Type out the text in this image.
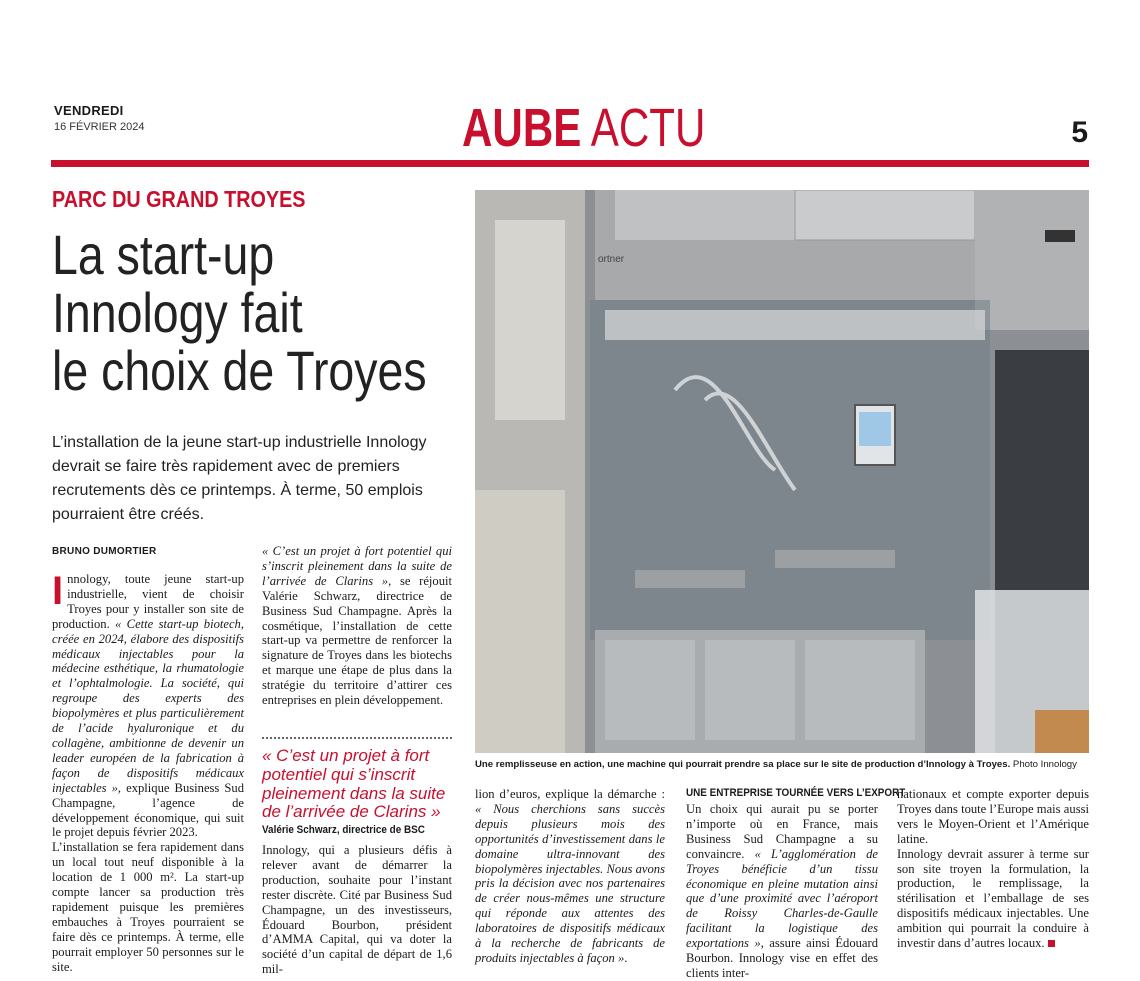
VENDREDI
16 FÉVRIER 2024	AUBE ACTU	5
PARC DU GRAND TROYES
La start-up
Innology fait
le choix de Troyes
L’installation de la jeune start-up industrielle Innology devrait se faire très rapidement avec de premiers recrutements dès ce printemps. À terme, 50 emplois pourraient être créés.
BRUNO DUMORTIER

Innology, toute jeune start-up industrielle, vient de choisir Troyes pour y installer son site de production. « Cette start-up biotech, créée en 2024, élabore des dispositifs médicaux injectables pour la médecine esthétique, la rhumatologie et l’ophtalmologie. La société, qui regroupe des experts des biopolymères et plus particulièrement de l’acide hyaluronique et du collagène, ambitionne de devenir un leader européen de la fabrication à façon de dispositifs médicaux injectables », explique Business Sud Champagne, l’agence de développement économique, qui suit le projet depuis février 2023.

L’installation se fera rapidement dans un local tout neuf disponible à la location de 1 000 m². La start-up compte lancer sa production très rapidement puisque les premières embauches à Troyes pourraient se faire dès ce printemps. À terme, elle pourrait employer 50 personnes sur le site.

« C’est un projet à fort potentiel qui s’inscrit pleinement dans la suite de l’arrivée de Clarins », se réjouit Valérie Schwarz, directrice de Business Sud Champagne. Après la cosmétique, l’installation de cette start-up va permettre de renforcer la signature de Troyes dans les biotechs et marque une étape de plus dans la stratégie du territoire d’attirer ces entreprises en plein développement.

« C’est un projet à fort potentiel qui s’inscrit pleinement dans la suite de l’arrivée de Clarins »
Valérie Schwarz, directrice de BSC

Innology, qui a plusieurs défis à relever avant de démarrer la production, souhaite pour l’instant rester discrète. Cité par Business Sud Champagne, un des investisseurs, Édouard Bourbon, président d’AMMA Capital, qui va doter la société d’un capital de départ de 1,6 mil-

ortner
Une remplisseuse en action, une machine qui pourrait prendre sa place sur le site de production d’Innology à Troyes. Photo Innology

lion d’euros, explique la démarche : « Nous cherchions sans succès depuis plusieurs mois des opportunités d’investissement dans le domaine ultra-innovant des biopolymères injectables. Nous avons pris la décision avec nos partenaires de créer nous-mêmes une structure qui réponde aux attentes des laboratoires de dispositifs médicaux à la recherche de fabricants de produits injectables à façon ».

UNE ENTREPRISE TOURNÉE VERS L’EXPORT

Un choix qui aurait pu se porter n’importe où en France, mais Business Sud Champagne a su convaincre. « L’agglomération de Troyes bénéficie d’un tissu économique en pleine mutation ainsi que d’une proximité avec l’aéroport de Roissy Charles-de-Gaulle facilitant la logistique des exportations », assure ainsi Édouard Bourbon. Innology vise en effet des clients inter-

nationaux et compte exporter depuis Troyes dans toute l’Europe mais aussi vers le Moyen-Orient et l’Amérique latine.

Innology devrait assurer à terme sur son site troyen la formulation, la production, le remplissage, la stérilisation et l’emballage de ses dispositifs médicaux injectables. Une ambition qui pourrait la conduire à investir dans d’autres locaux.
